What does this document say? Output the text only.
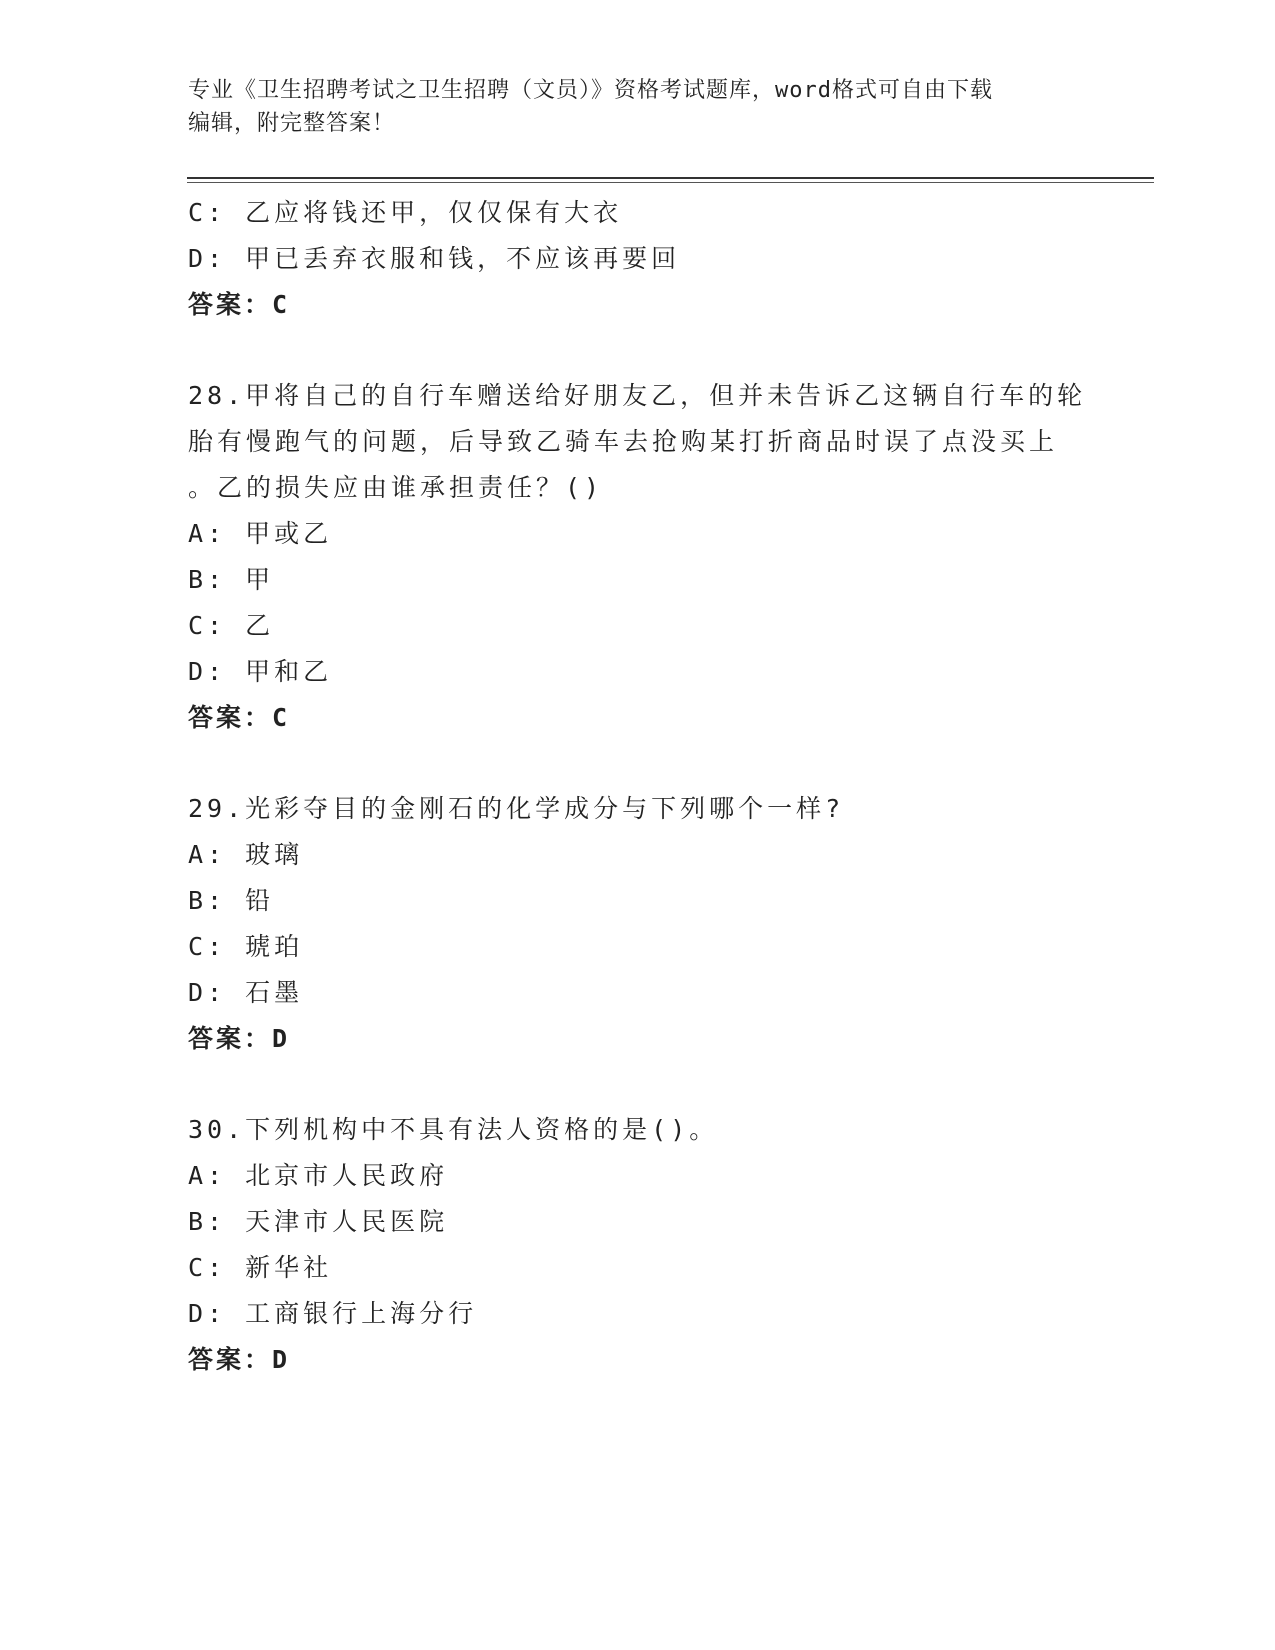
专业《卫生招聘考试之卫生招聘（文员）》资格考试题库，word格式可自由下载
编辑，附完整答案！
C: 乙应将钱还甲，仅仅保有大衣
D: 甲已丢弃衣服和钱，不应该再要回
答案：C
28.甲将自己的自行车赠送给好朋友乙，但并未告诉乙这辆自行车的轮
胎有慢跑气的问题，后导致乙骑车去抢购某打折商品时误了点没买上
。乙的损失应由谁承担责任？()
A: 甲或乙
B: 甲
C: 乙
D: 甲和乙
答案：C
29.光彩夺目的金刚石的化学成分与下列哪个一样?
A: 玻璃
B: 铅
C: 琥珀
D: 石墨
答案：D
30.下列机构中不具有法人资格的是()。
A: 北京市人民政府
B: 天津市人民医院
C: 新华社
D: 工商银行上海分行
答案：D
